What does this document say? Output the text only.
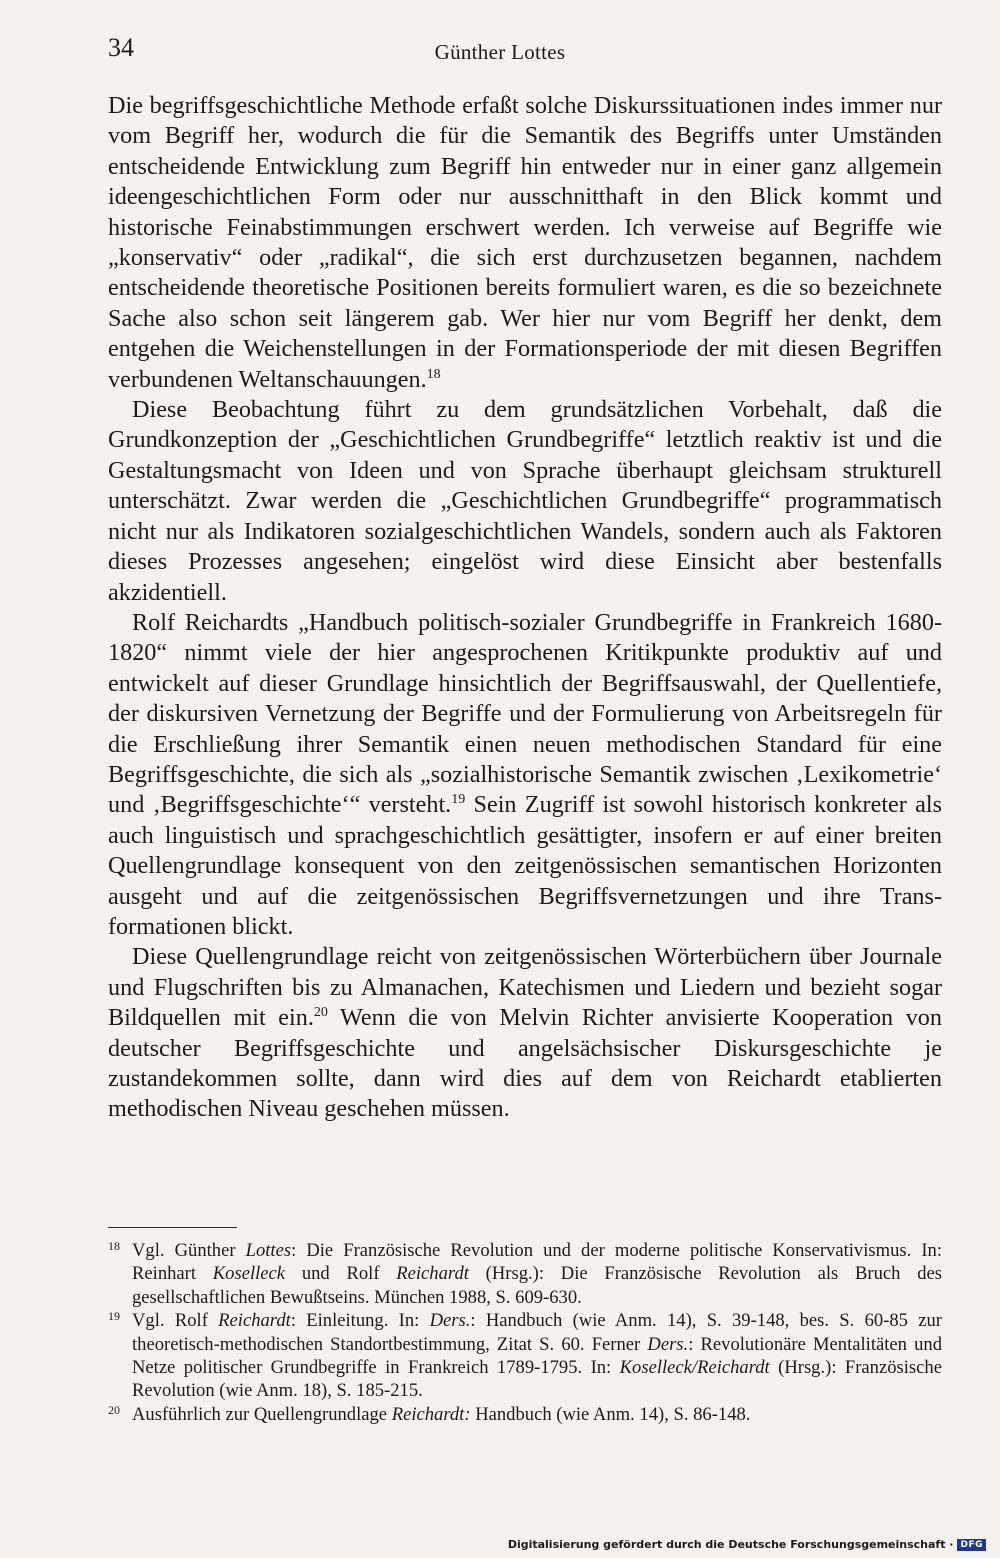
34	Günther Lottes

Die begriffsgeschichtliche Methode erfaßt solche Diskurssituationen indes immer nur vom Begriff her, wodurch die für die Semantik des Begriffs unter Umständen entscheidende Entwicklung zum Begriff hin entweder nur in einer ganz allgemein ideengeschichtlichen Form oder nur ausschnitthaft in den Blick kommt und historische Feinabstimmungen erschwert werden. Ich verweise auf Begriffe wie „konservativ“ oder „radikal“, die sich erst durchzusetzen begannen, nachdem entscheidende theoretische Positionen bereits formuliert waren, es die so bezeichnete Sache also schon seit längerem gab. Wer hier nur vom Begriff her denkt, dem entgehen die Weichenstellungen in der Formationsperiode der mit diesen Begriffen verbundenen Weltanschauungen.$^{18}$

Diese Beobachtung führt zu dem grundsätzlichen Vorbehalt, daß die Grundkonzeption der „Geschichtlichen Grundbegriffe“ letztlich reaktiv ist und die Gestaltungsmacht von Ideen und von Sprache überhaupt gleichsam strukturell unterschätzt. Zwar werden die „Geschichtlichen Grundbegriffe“ programmatisch nicht nur als Indikatoren sozialgeschichtlichen Wandels, sondern auch als Faktoren dieses Prozesses angesehen; eingelöst wird diese Einsicht aber bestenfalls akzidentiell.

Rolf Reichardts „Handbuch politisch-sozialer Grundbegriffe in Frankreich 1680-1820“ nimmt viele der hier angesprochenen Kritikpunkte produktiv auf und entwickelt auf dieser Grundlage hinsichtlich der Begriffsauswahl, der Quellentiefe, der diskursiven Vernetzung der Begriffe und der Formulierung von Arbeitsregeln für die Erschließung ihrer Semantik einen neuen methodischen Standard für eine Begriffsgeschichte, die sich als „sozialhistorische Semantik zwischen ‚Lexikometrie‘ und ‚Begriffsgeschichte‘“ versteht.$^{19}$ Sein Zugriff ist sowohl historisch konkreter als auch linguistisch und sprachgeschichtlich gesättigter, insofern er auf einer breiten Quellengrundlage konsequent von den zeitgenössischen semantischen Horizonten ausgeht und auf die zeitgenössischen Begriffsvernetzungen und ihre Transformationen blickt.

Diese Quellengrundlage reicht von zeitgenössischen Wörterbüchern über Journale und Flugschriften bis zu Almanachen, Katechismen und Liedern und bezieht sogar Bildquellen mit ein.$^{20}$ Wenn die von Melvin Richter anvisierte Kooperation von deutscher Begriffsgeschichte und angelsächsischer Diskursgeschichte je zustandekommen sollte, dann wird dies auf dem von Reichardt etablierten methodischen Niveau geschehen müssen.

18 Vgl. Günther Lottes: Die Französische Revolution und der moderne politische Konservativismus. In: Reinhart Koselleck und Rolf Reichardt (Hrsg.): Die Französische Revolution als Bruch des gesellschaftlichen Bewußtseins. München 1988, S. 609-630.

19 Vgl. Rolf Reichardt: Einleitung. In: Ders.: Handbuch (wie Anm. 14), S. 39-148, bes. S. 60-85 zur theoretisch-methodischen Standortbestimmung, Zitat S. 60. Ferner Ders.: Revolutionäre Mentalitäten und Netze politischer Grundbegriffe in Frankreich 1789-1795. In: Koselleck/Reichardt (Hrsg.): Französische Revolution (wie Anm. 18), S. 185-215.

20 Ausführlich zur Quellengrundlage Reichardt: Handbuch (wie Anm. 14), S. 86-148.

Digitalisierung gefördert durch die Deutsche Forschungsgemeinschaft · DFG
